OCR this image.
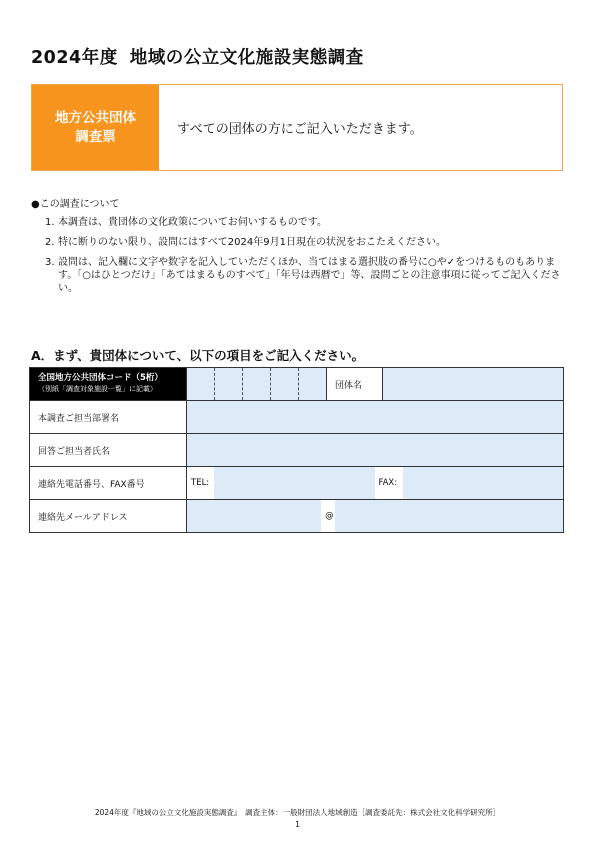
2024年度 地域の公立文化施設実態調査
地方公共団体
調査票	すべての団体の方にご記入いただきます。
●この調査について
1. 本調査は、貴団体の文化政策についてお伺いするものです。
2. 特に断りのない限り、設問にはすべて2024年9月1日現在の状況をおこたえください。
3. 設問は、記入欄に文字や数字を記入していただくほか、当てはまる選択肢の番号に○や✓をつけるものもあります。「○はひとつだけ」「あてはまるものすべて」「年号は西暦で」等、設問ごとの注意事項に従ってご記入ください。
A．まず、貴団体について、以下の項目をご記入ください。
全国地方公共団体コード（5桁）
（別紙「調査対象施設一覧」に記載）		団体名	
本調査ご担当部署名			
回答ご担当者氏名			
連絡先電話番号、FAX番号	TEL: FAX:		

連絡先メールアドレス	@		
2024年度『地域の公立文化施設実態調査』　調査主体：一般財団法人地域創造［調査委託先：株式会社文化科学研究所］
1
